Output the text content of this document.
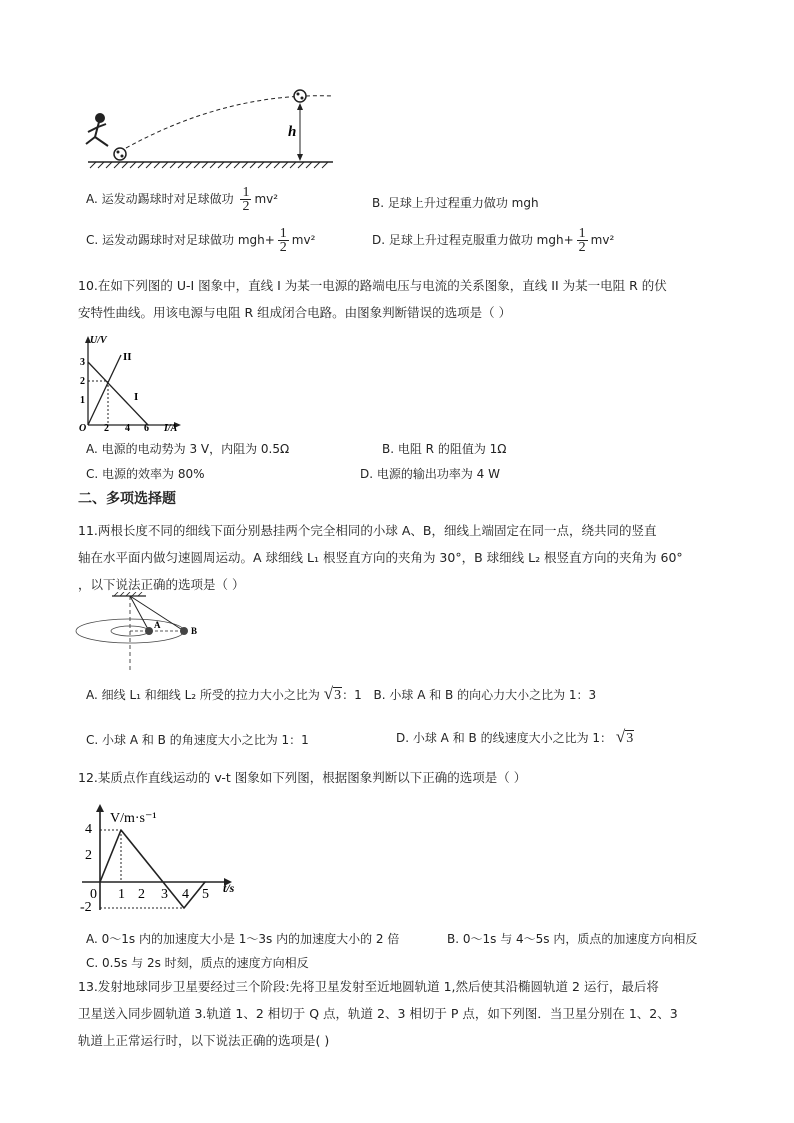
h
A. 运发动踢球时对足球做功 $\frac{1}{2} mv^2$	B. 足球上升过程重力做功 mgh
C. 运发动踢球时对足球做功 $mgh+ \frac{1}{2} mv^2$	D. 足球上升过程克服重力做功 $mgh+ \frac{1}{2} mv^2$
10.在如下列图的 U-I 图象中，直线 I 为某一电源的路端电压与电流的关系图象，直线 II 为某一电阻 R 的伏
安特性曲线。用该电源与电阻 R 组成闭合电路。由图象判断错误的选项是（ ）
U/V
I/A
O
1
2
3
2 4 6
II
I
A. 电源的电动势为 3 V，内阻为 0.5Ω	B. 电阻 R 的阻值为 1Ω
C. 电源的效率为 80%	D. 电源的输出功率为 4 W
二、多项选择题
11.两根长度不同的细线下面分别悬挂两个完全相同的小球 A、B，细线上端固定在同一点，绕共同的竖直
轴在水平面内做匀速圆周运动。A 球细线 L₁ 根竖直方向的夹角为 30°，B 球细线 L₂ 根竖直方向的夹角为 60°
，以下说法正确的选项是（ ）
A
B
A. 细线 L₁ 和细线 L₂ 所受的拉力大小之比为 √3：1 B. 小球 A 和 B 的向心力大小之比为 1：3
C. 小球 A 和 B 的角速度大小之比为 1：1	D. 小球 A 和 B 的线速度大小之比为 1： √3
12.某质点作直线运动的 v-t 图象如下列图，根据图象判断以下正确的选项是（ ）
V/m·s⁻¹
t/s
0
4
2
-2
1 2 3 4 5
A. 0～1s 内的加速度大小是 1～3s 内的加速度大小的 2 倍	B. 0～1s 与 4～5s 内，质点的加速度方向相反
C. 0.5s 与 2s 时刻，质点的速度方向相反
13.发射地球同步卫星要经过三个阶段:先将卫星发射至近地圆轨道 1,然后使其沿椭圆轨道 2 运行，最后将
卫星送入同步圆轨道 3.轨道 1、2 相切于 Q 点，轨道 2、3 相切于 P 点，如下列图．当卫星分别在 1、2、3
轨道上正常运行时，以下说法正确的选项是( )
